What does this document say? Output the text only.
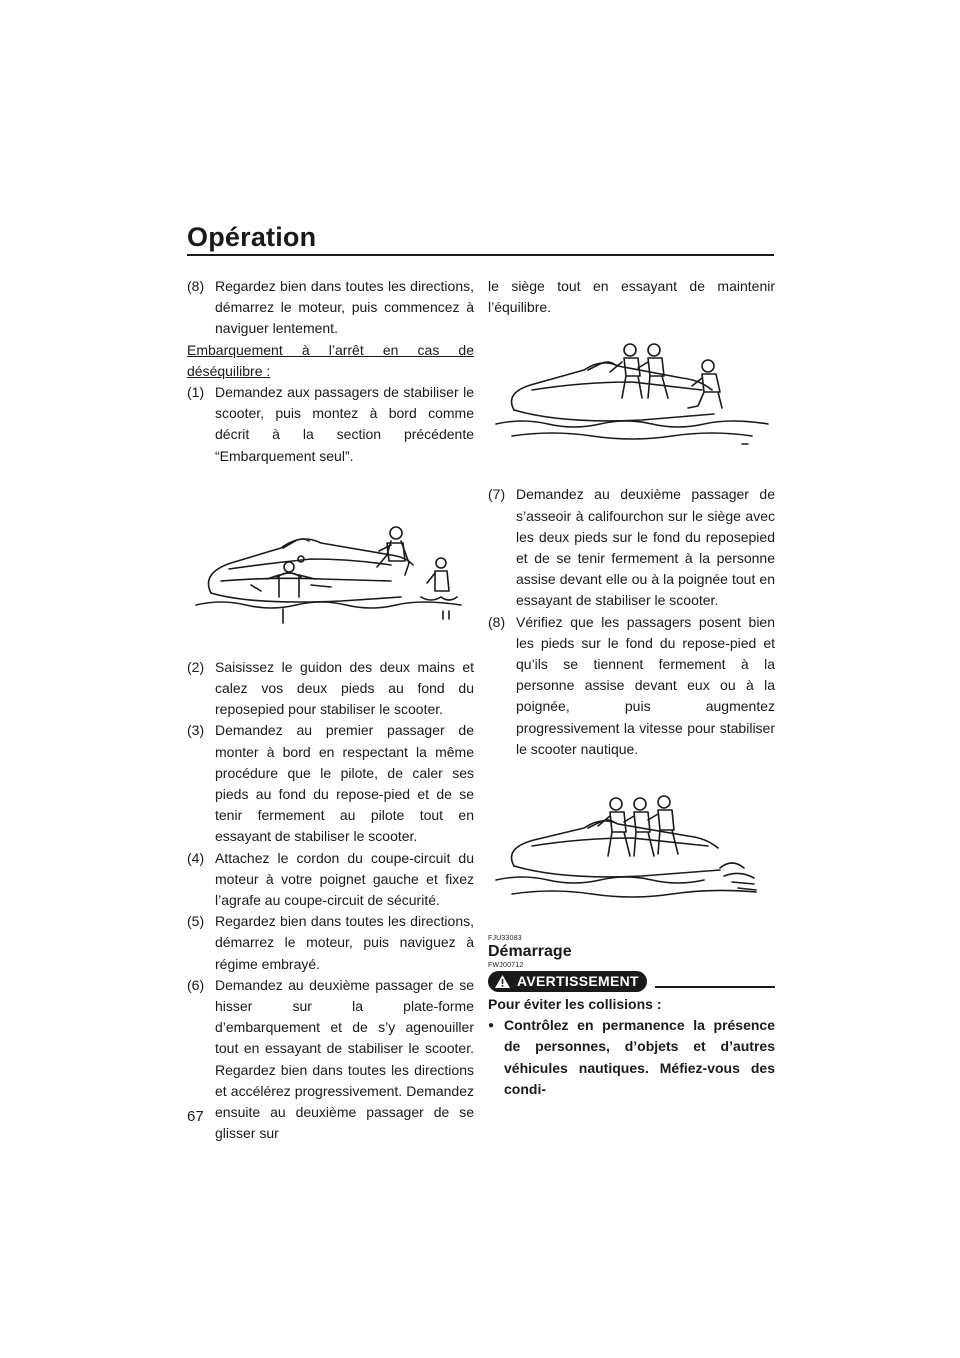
Opération
(8) Regardez bien dans toutes les directions, démarrez le moteur, puis commencez à naviguer lentement.

Embarquement à l’arrêt en cas de

déséquilibre :

(1) Demandez aux passagers de stabiliser le scooter, puis montez à bord comme décrit à la section précédente “Embarquement seul”.
(2) Saisissez le guidon des deux mains et calez vos deux pieds au fond du reposepied pour stabiliser le scooter.
(3) Demandez au premier passager de monter à bord en respectant la même procédure que le pilote, de caler ses pieds au fond du repose-pied et de se tenir fermement au pilote tout en essayant de stabiliser le scooter.
(4) Attachez le cordon du coupe-circuit du moteur à votre poignet gauche et fixez l’agrafe au coupe-circuit de sécurité.
(5) Regardez bien dans toutes les directions, démarrez le moteur, puis naviguez à régime embrayé.
(6) Demandez au deuxième passager de se hisser sur la plate-forme d’embarquement et de s’y agenouiller tout en essayant de stabiliser le scooter. Regardez bien dans toutes les directions et accélérez progressivement. Demandez ensuite au deuxième passager de se glisser sur

le siège tout en essayant de maintenir l’équilibre.

(7) Demandez au deuxième passager de s’asseoir à califourchon sur le siège avec les deux pieds sur le fond du reposepied et de se tenir fermement à la personne assise devant elle ou à la poignée tout en essayant de stabiliser le scooter.
(8) Vérifiez que les passagers posent bien les pieds sur le fond du repose-pied et qu’ils se tiennent fermement à la personne assise devant eux ou à la poignée, puis augmentez progressivement la vitesse pour stabiliser le scooter nautique.

FJU33083

Démarrage

FWJ00712

AVERTISSEMENT

Pour éviter les collisions :

● Contrôlez en permanence la présence de personnes, d’objets et d’autres véhicules nautiques. Méfiez-vous des condi-
67
